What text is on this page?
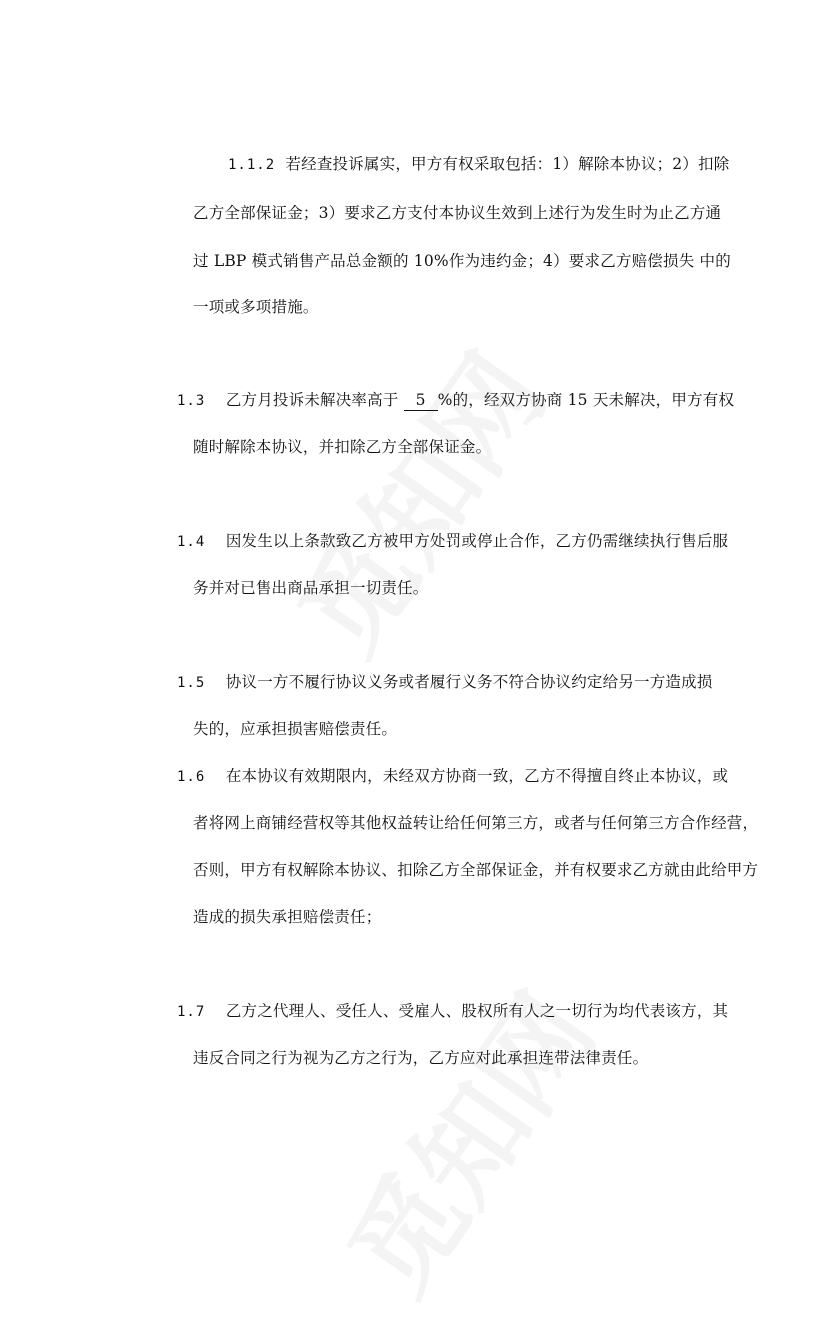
1.1.2 若经查投诉属实，甲方有权采取包括：1）解除本协议；2）扣除
乙方全部保证金；3）要求乙方支付本协议生效到上述行为发生时为止乙方通
过 LBP 模式销售产品总金额的 10%作为违约金；4）要求乙方赔偿损失 中的
一项或多项措施。
1.3 乙方月投诉未解决率高于 5 %的，经双方协商 15 天未解决，甲方有权
随时解除本协议，并扣除乙方全部保证金。
1.4 因发生以上条款致乙方被甲方处罚或停止合作，乙方仍需继续执行售后服
务并对已售出商品承担一切责任。
1.5 协议一方不履行协议义务或者履行义务不符合协议约定给另一方造成损
失的，应承担损害赔偿责任。
1.6 在本协议有效期限内，未经双方协商一致，乙方不得擅自终止本协议，或
者将网上商铺经营权等其他权益转让给任何第三方，或者与任何第三方合作经营，
否则，甲方有权解除本协议、扣除乙方全部保证金，并有权要求乙方就由此给甲方
造成的损失承担赔偿责任；
1.7 乙方之代理人、受任人、受雇人、股权所有人之一切行为均代表该方，其
违反合同之行为视为乙方之行为，乙方应对此承担连带法律责任。
